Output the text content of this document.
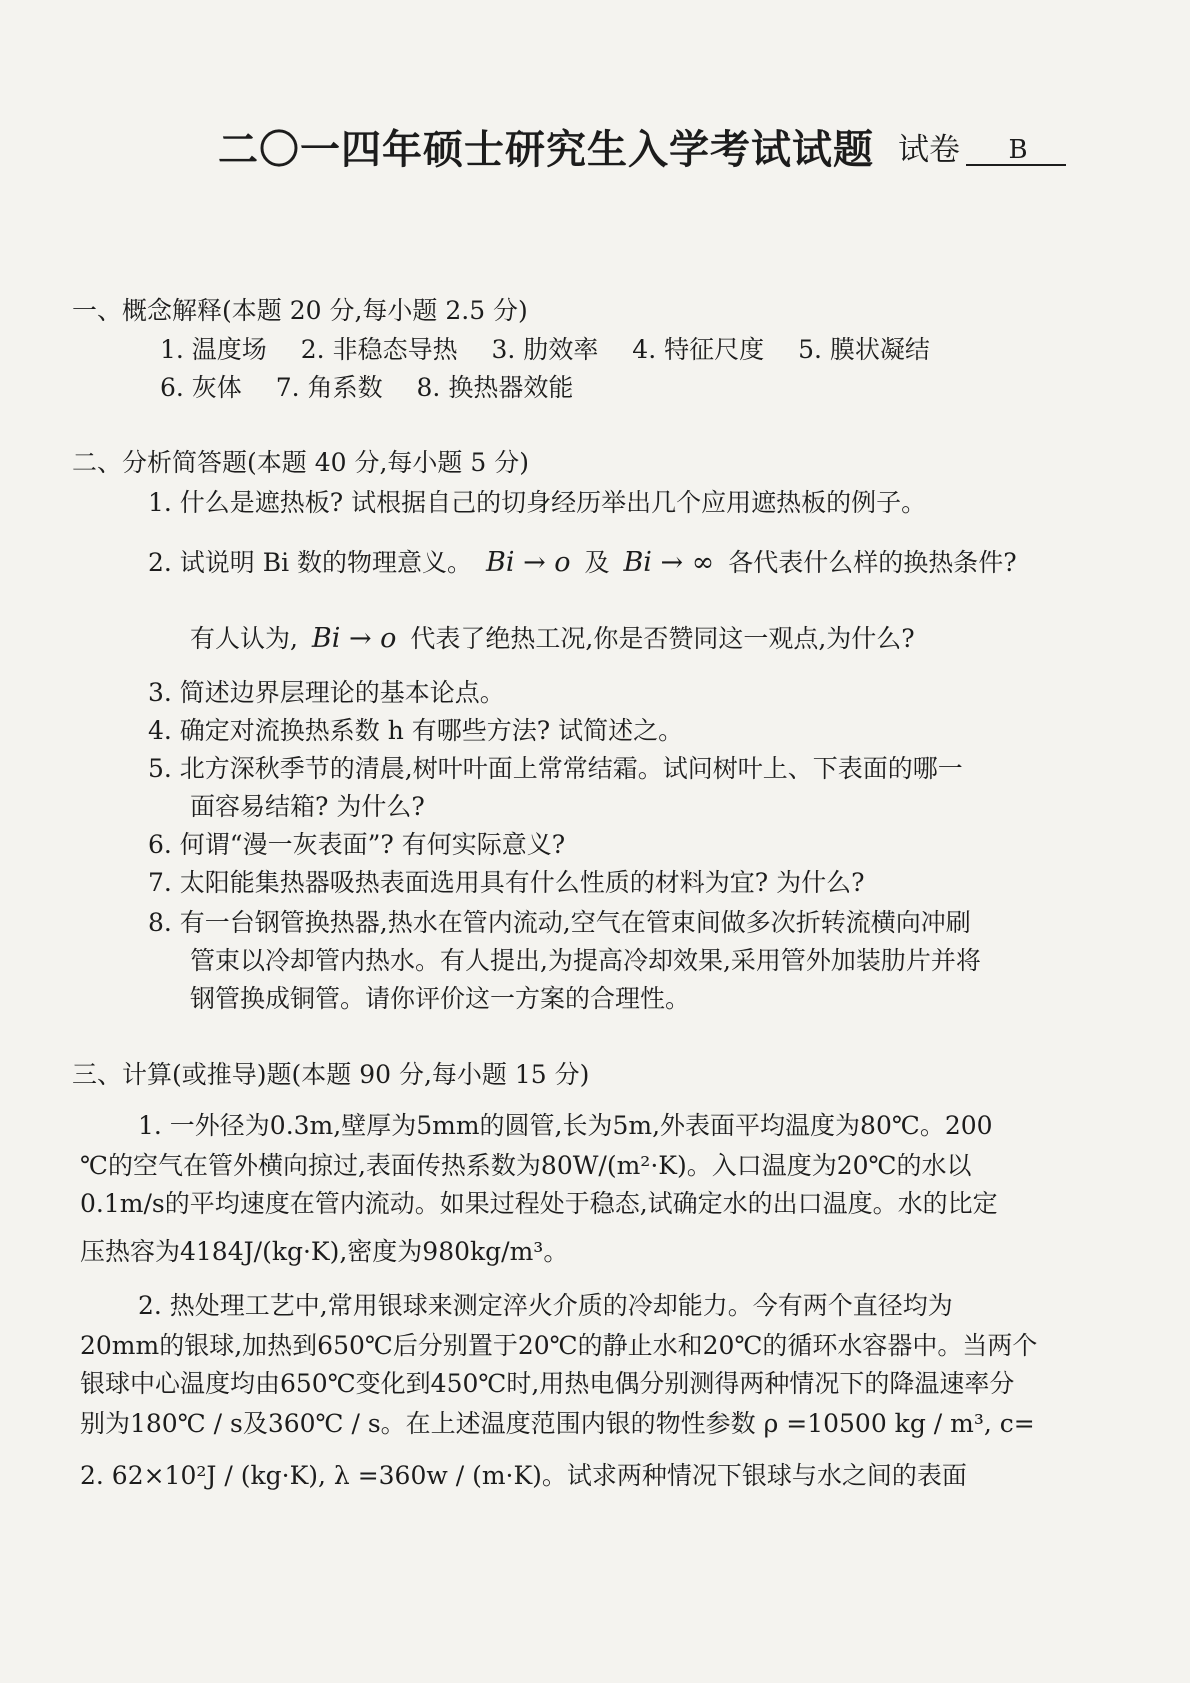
二〇一四年硕士研究生入学考试试题 试卷	B
一、概念解释(本题 20 分,每小题 2.5 分)
1. 温度场 2. 非稳态导热 3. 肋效率 4. 特征尺度 5. 膜状凝结
6. 灰体 7. 角系数 8. 换热器效能
二、分析简答题(本题 40 分,每小题 5 分)
1. 什么是遮热板? 试根据自己的切身经历举出几个应用遮热板的例子。
2. 试说明 Bi 数的物理意义。 Bi → o 及 Bi → ∞ 各代表什么样的换热条件?
有人认为, Bi → o 代表了绝热工况,你是否赞同这一观点,为什么?
3. 简述边界层理论的基本论点。
4. 确定对流换热系数 h 有哪些方法? 试简述之。
5. 北方深秋季节的清晨,树叶叶面上常常结霜。试问树叶上、下表面的哪一
面容易结箱? 为什么?
6. 何谓“漫一灰表面”? 有何实际意义?
7. 太阳能集热器吸热表面选用具有什么性质的材料为宜? 为什么?
8. 有一台钢管换热器,热水在管内流动,空气在管束间做多次折转流横向冲刷
管束以冷却管内热水。有人提出,为提高冷却效果,采用管外加装肋片并将
钢管换成铜管。请你评价这一方案的合理性。
三、计算(或推导)题(本题 90 分,每小题 15 分)
1. 一外径为0.3m,壁厚为5mm的圆管,长为5m,外表面平均温度为80℃。200
℃的空气在管外横向掠过,表面传热系数为80W/(m²·K)。入口温度为20℃的水以
0.1m/s的平均速度在管内流动。如果过程处于稳态,试确定水的出口温度。水的比定
压热容为4184J/(kg·K),密度为980kg/m³。
2. 热处理工艺中,常用银球来测定淬火介质的冷却能力。今有两个直径均为
20mm的银球,加热到650℃后分别置于20℃的静止水和20℃的循环水容器中。当两个
银球中心温度均由650℃变化到450℃时,用热电偶分别测得两种情况下的降温速率分
别为180℃ / s及360℃ / s。在上述温度范围内银的物性参数 ρ =10500 kg / m³, c=
2. 62×10²J / (kg·K), λ =360w / (m·K)。试求两种情况下银球与水之间的表面
